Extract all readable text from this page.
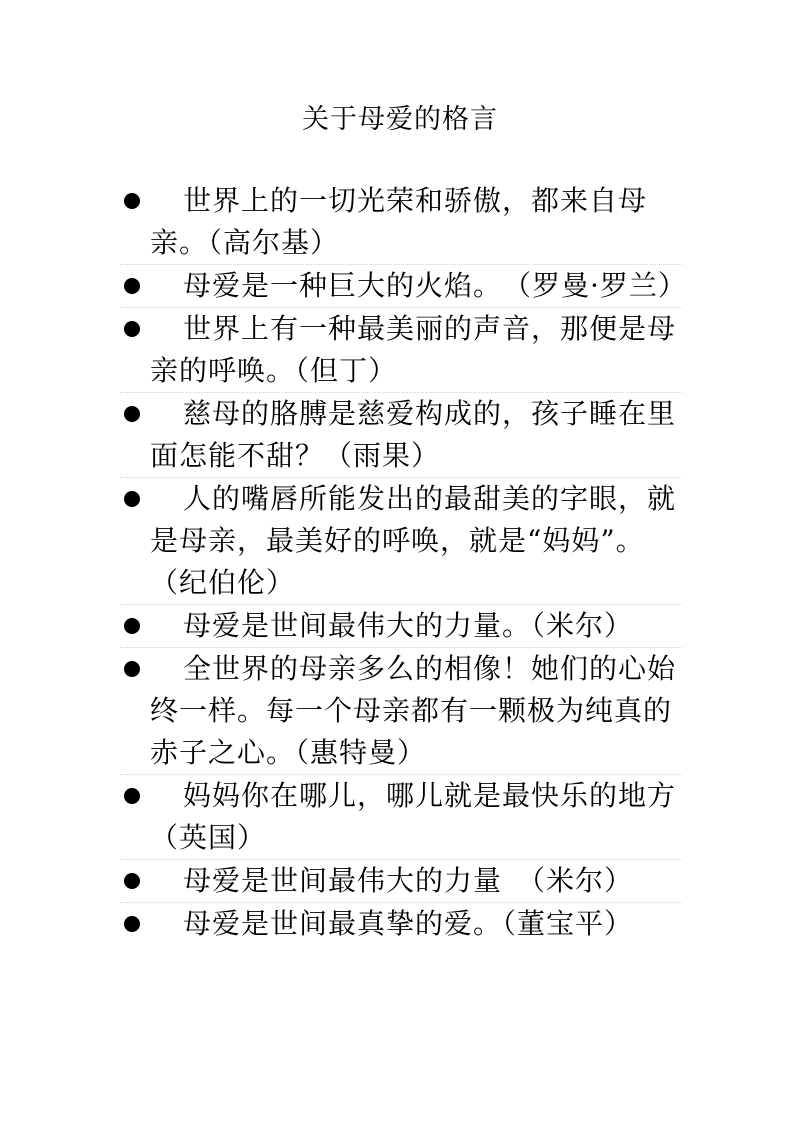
关于母爱的格言
世界上的一切光荣和骄傲，都来自母亲。（高尔基）
母爱是一种巨大的火焰。　（罗曼·罗兰）
世界上有一种最美丽的声音，那便是母亲的呼唤。（但丁）
慈母的胳膊是慈爱构成的，孩子睡在里面怎能不甜？（雨果）
人的嘴唇所能发出的最甜美的字眼，就是母亲，最美好的呼唤，就是“妈妈”。（纪伯伦）
母爱是世间最伟大的力量。（米尔）
全世界的母亲多么的相像！她们的心始终一样。每一个母亲都有一颗极为纯真的赤子之心。（惠特曼）
妈妈你在哪儿，哪儿就是最快乐的地方（英国）
母爱是世间最伟大的力量　（米尔）
母爱是世间最真挚的爱。（董宝平）
